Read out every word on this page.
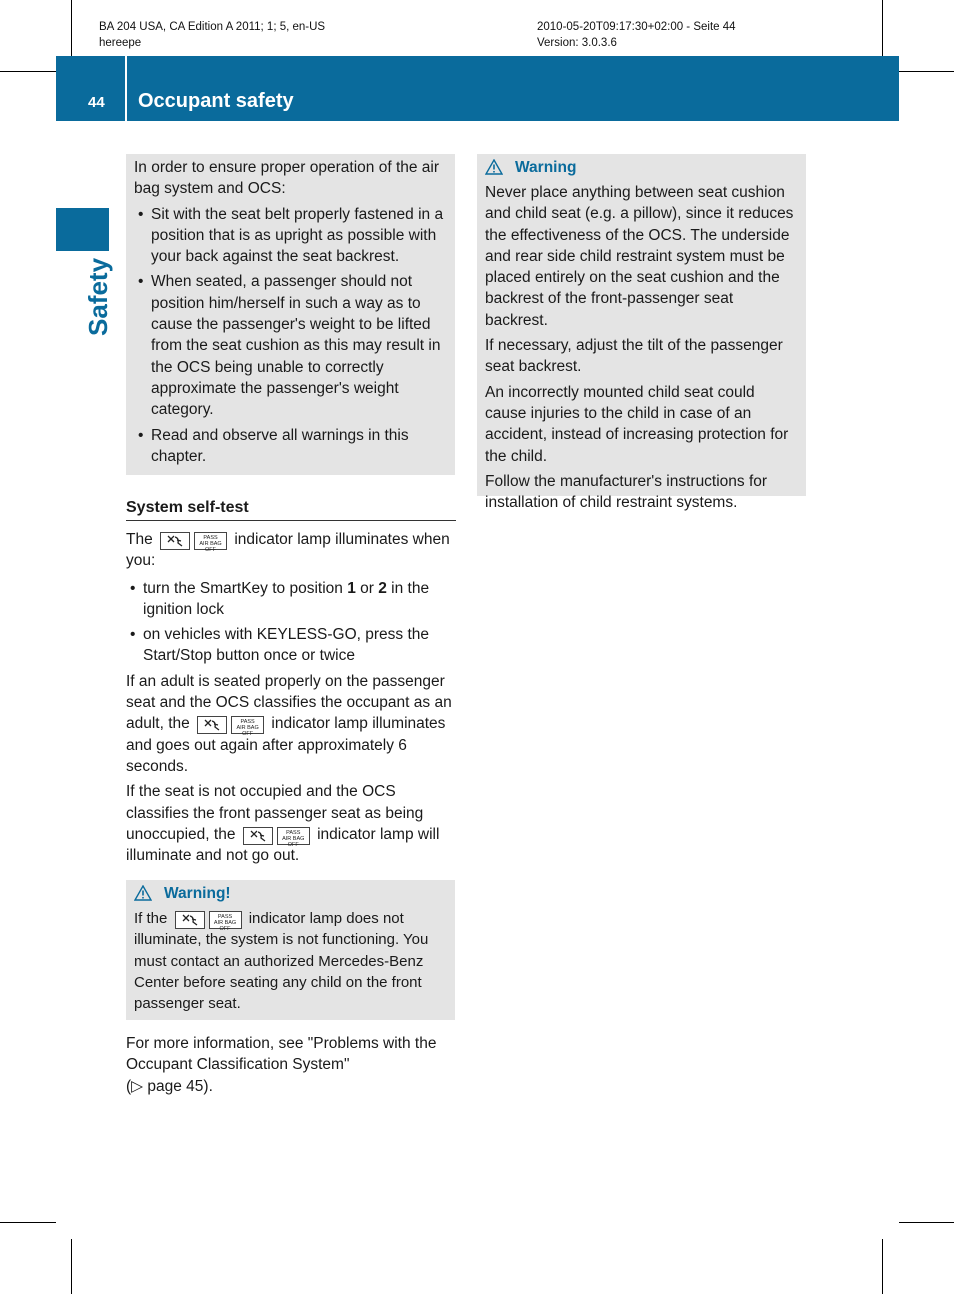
BA 204 USA, CA Edition A 2011; 1; 5, en-US
hereepe
2010-05-20T09:17:30+02:00 - Seite 44
Version: 3.0.3.6
44 Occupant safety
Safety

In order to ensure proper operation of the air bag system and OCS:

• Sit with the seat belt properly fastened in a position that is as upright as possible with your back against the seat backrest.
• When seated, a passenger should not position him/herself in such a way as to cause the passenger's weight to be lifted from the seat cushion as this may result in the OCS being unable to correctly approximate the passenger's weight category.
• Read and observe all warnings in this chapter.
System self-test

The	PASS
AIR BAG OFF
indicator lamp illuminates when you:

• turn the SmartKey to position 1 or 2 in the ignition lock
• on vehicles with KEYLESS-GO, press the Start/Stop button once or twice

If an adult is seated properly on the passenger seat and the OCS classifies the occupant as an adult, the	PASS
AIR BAG OFF
indicator lamp illuminates and goes out again after approximately 6 seconds.

If the seat is not occupied and the OCS classifies the front passenger seat as being unoccupied, the	PASS
AIR BAG OFF
indicator lamp will illuminate and not go out.

Warning!

If the	PASS
AIR BAG OFF
indicator lamp does not illuminate, the system is not functioning. You must contact an authorized Mercedes-Benz Center before seating any child on the front passenger seat.

For more information, see "Problems with the Occupant Classification System"

(▷ page 45).

Warning

Never place anything between seat cushion and child seat (e.g. a pillow), since it reduces the effectiveness of the OCS. The underside and rear side child restraint system must be placed entirely on the seat cushion and the backrest of the front-passenger seat backrest.

If necessary, adjust the tilt of the passenger seat backrest.

An incorrectly mounted child seat could cause injuries to the child in case of an accident, instead of increasing protection for the child.

Follow the manufacturer's instructions for installation of child restraint systems.
